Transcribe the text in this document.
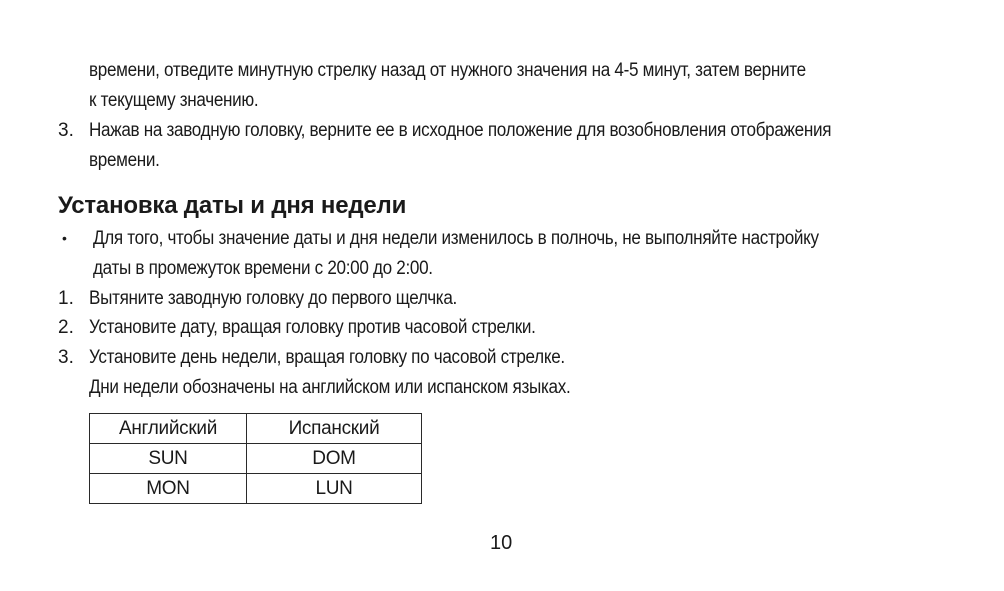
времени, отведите минутную стрелку назад от нужного значения на 4-5 минут, затем верните

к текущему значению.

3. Нажав на заводную головку, верните ее в исходное положение для возобновления отображения

времени.

Установка даты и дня недели
• Для того, чтобы значение даты и дня недели изменилось в полночь, не выполняйте настройку

даты в промежуток времени с 20:00 до 2:00.

1. Вытяните заводную головку до первого щелчка.

2. Установите дату, вращая головку против часовой стрелки.

3. Установите день недели, вращая головку по часовой стрелке.

Дни недели обозначены на английском или испанском языках.

Английский	Испанский
SUN	DOM
MON	LUN
10
